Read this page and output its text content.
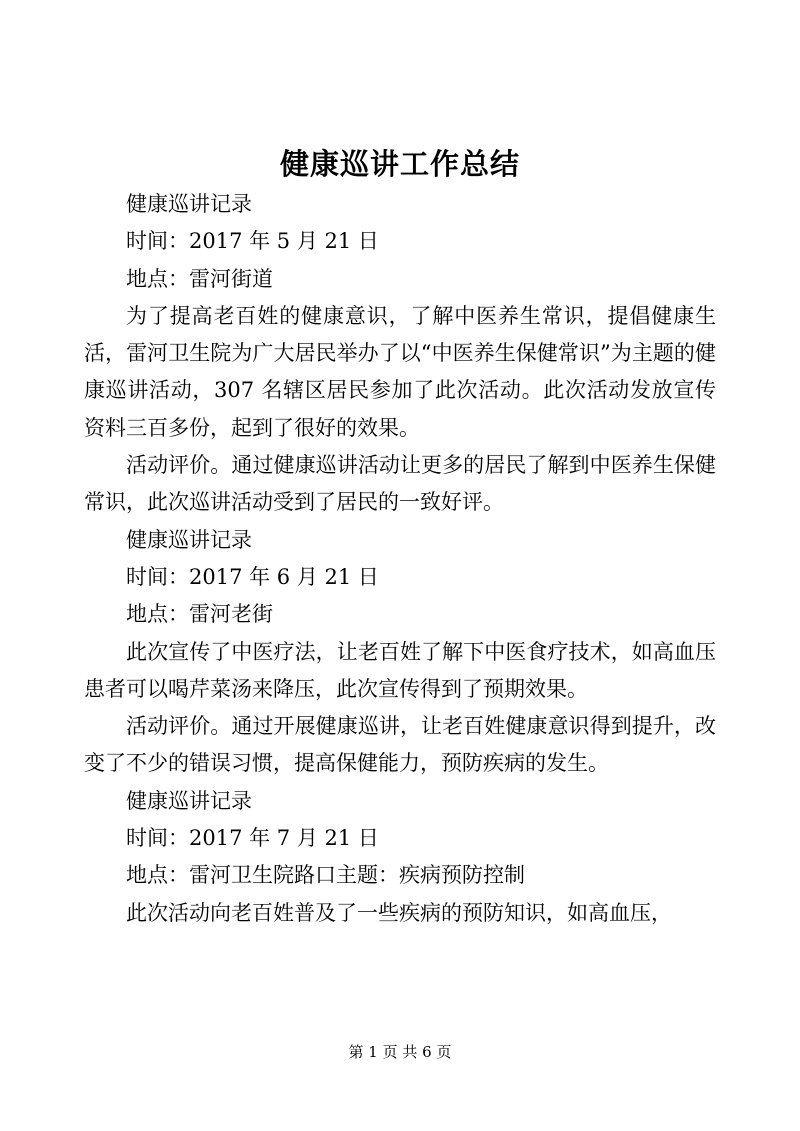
健康巡讲工作总结

健康巡讲记录

时间：2017 年 5 月 21 日

地点：雷河街道

为了提高老百姓的健康意识，了解中医养生常识，提倡健康生活，雷河卫生院为广大居民举办了以“中医养生保健常识”为主题的健康巡讲活动，307 名辖区居民参加了此次活动。此次活动发放宣传资料三百多份，起到了很好的效果。

活动评价。通过健康巡讲活动让更多的居民了解到中医养生保健常识，此次巡讲活动受到了居民的一致好评。

健康巡讲记录

时间：2017 年 6 月 21 日

地点：雷河老街

此次宣传了中医疗法，让老百姓了解下中医食疗技术，如高血压患者可以喝芹菜汤来降压，此次宣传得到了预期效果。

活动评价。通过开展健康巡讲，让老百姓健康意识得到提升，改变了不少的错误习惯，提高保健能力，预防疾病的发生。

健康巡讲记录

时间：2017 年 7 月 21 日

地点：雷河卫生院路口主题：疾病预防控制

此次活动向老百姓普及了一些疾病的预防知识，如高血压，

第 1 页 共 6 页
